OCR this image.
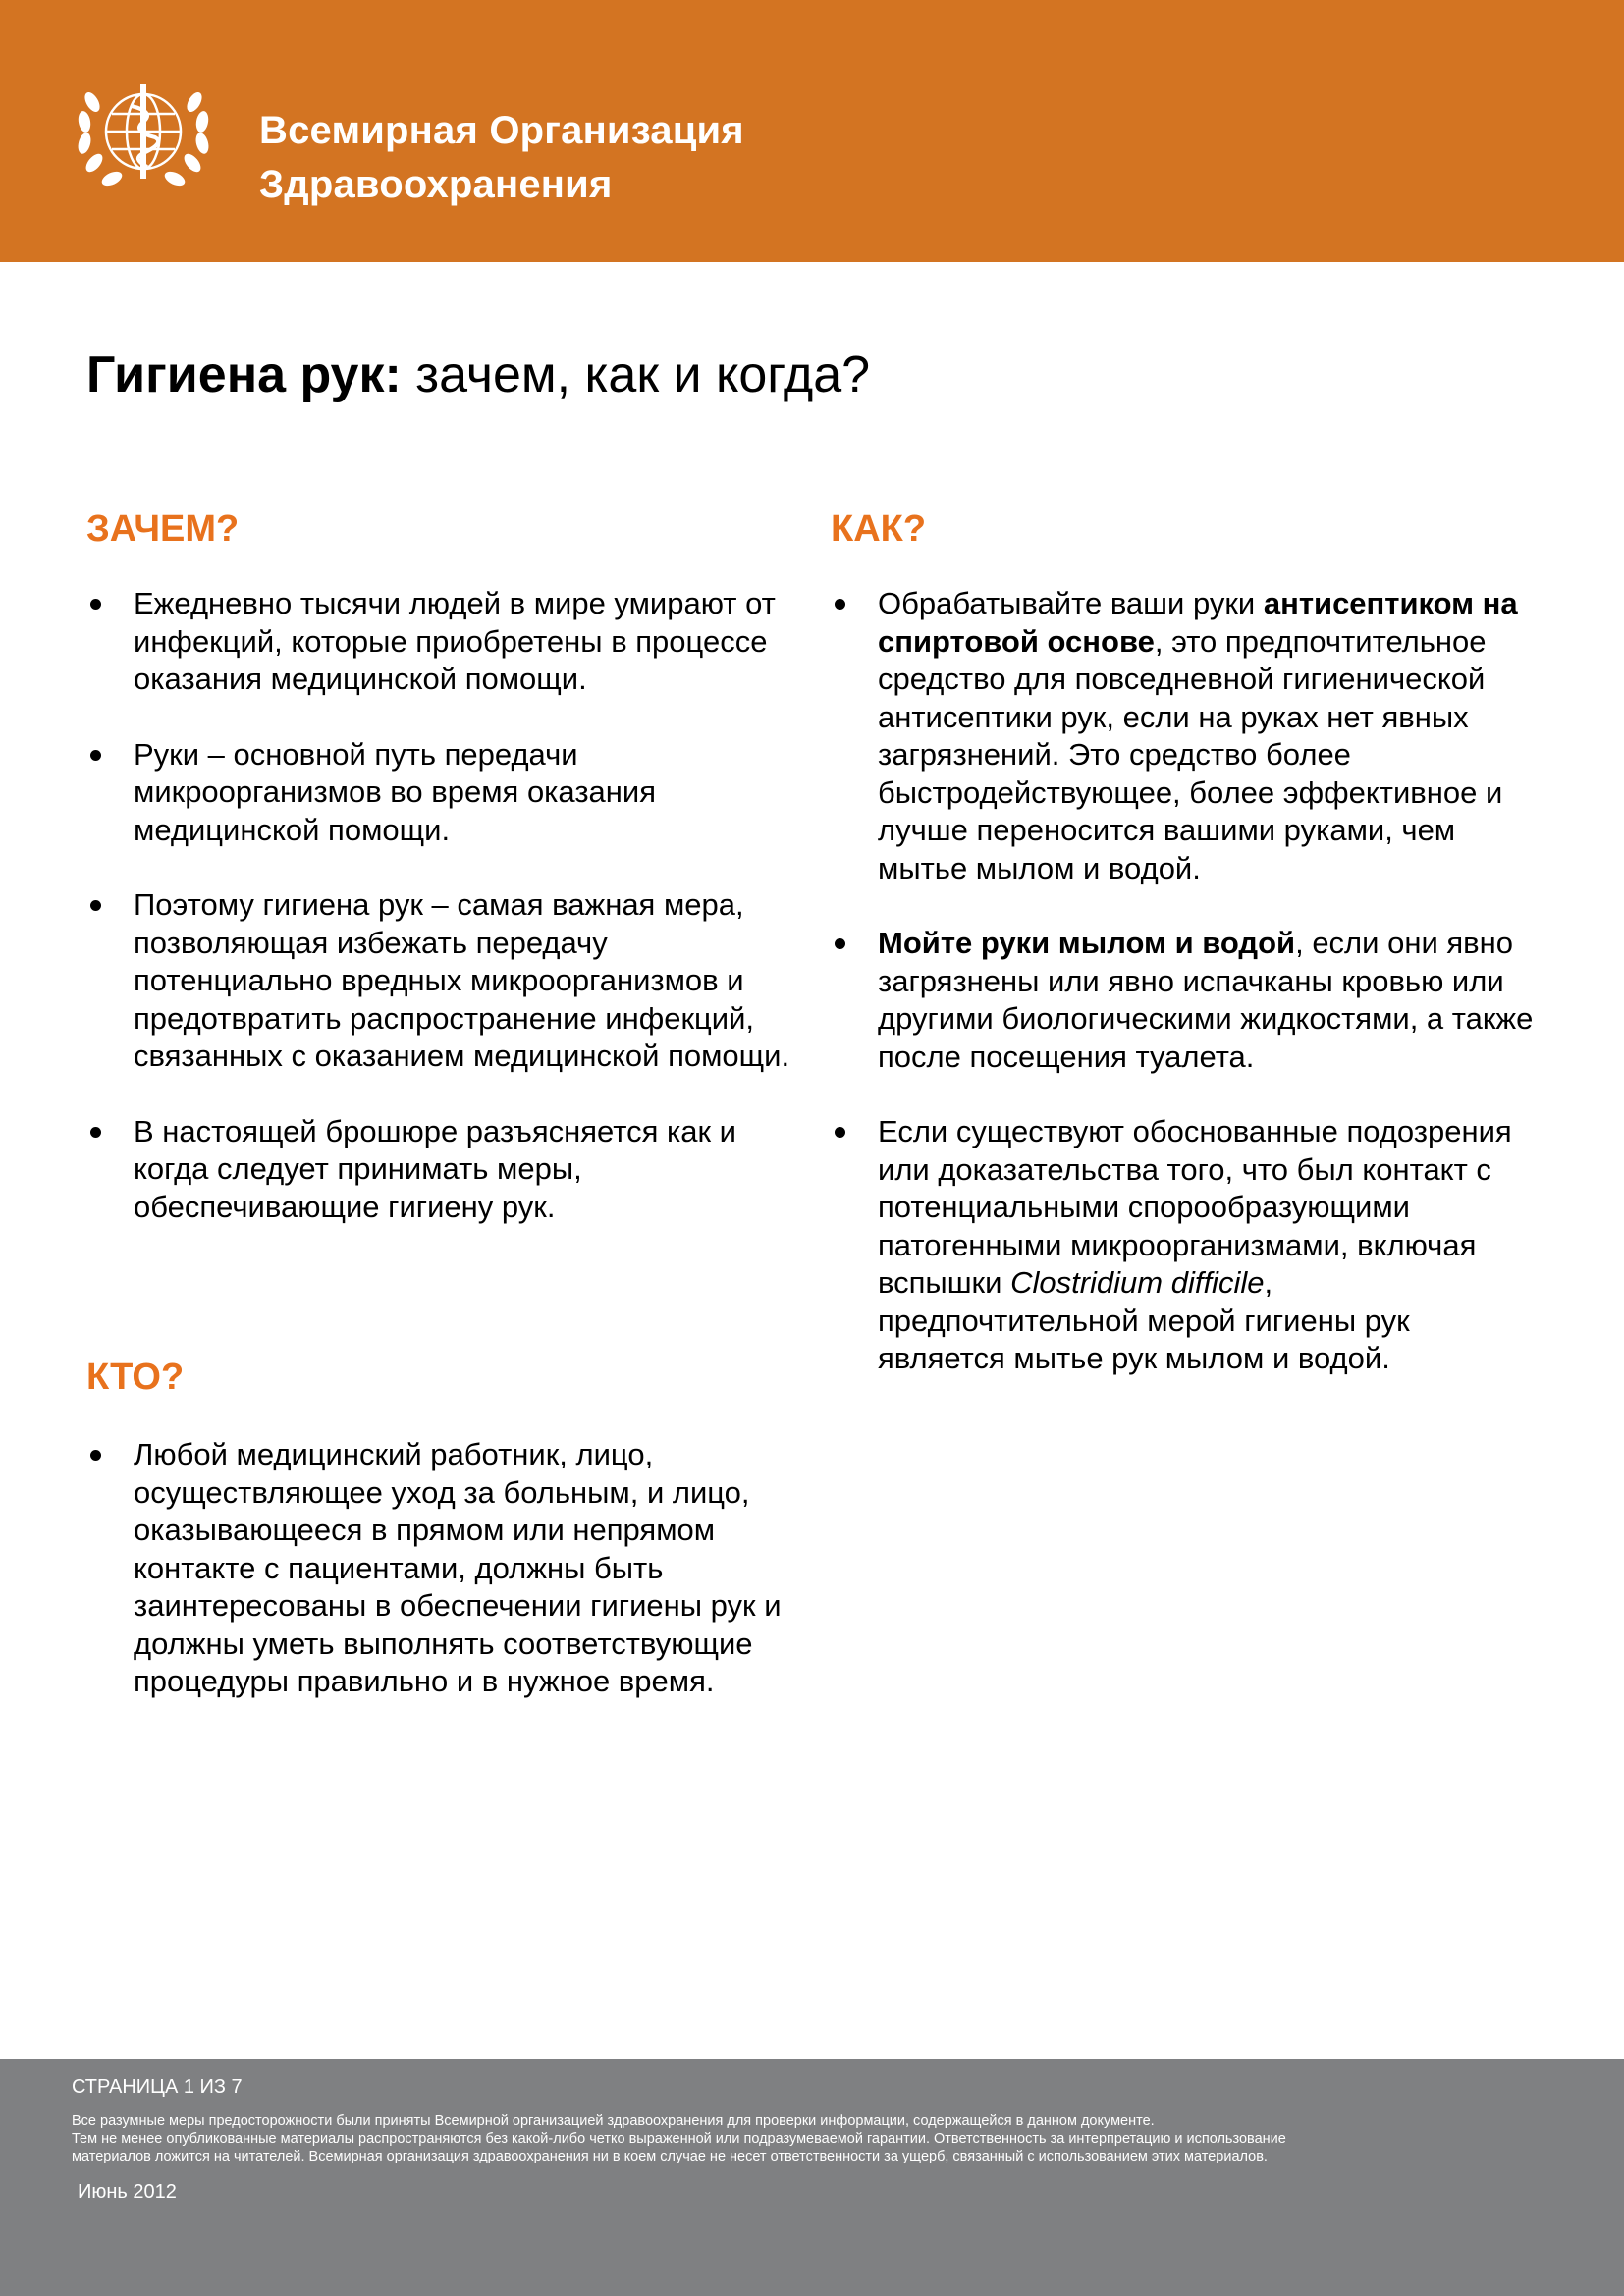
Всемирная Организация
Здравоохранения
Гигиена рук: зачем, как и когда?
ЗАЧЕМ?
Ежедневно тысячи людей в мире умирают от инфекций, которые приобретены в процессе оказания медицинской помощи.
Руки – основной путь передачи микроорганизмов во время оказания медицинской помощи.
Поэтому гигиена рук – самая важная мера, позволяющая избежать передачу потенциально вредных микроорганизмов и предотвратить распространение инфекций, связанных с оказанием медицинской помощи.
В настоящей брошюре разъясняется как и когда следует принимать меры, обеспечивающие гигиену рук.
КТО?
Любой медицинский работник, лицо, осуществляющее уход за больным, и лицо, оказывающееся в прямом или непрямом контакте с пациентами, должны быть заинтересованы в обеспечении гигиены рук и должны уметь выполнять соответствующие процедуры правильно и в нужное время.
КАК?
Обрабатывайте ваши руки антисептиком на спиртовой основе, это предпочтительное средство для повседневной гигиенической антисептики рук, если на руках нет явных загрязнений. Это средство более быстродействующее, более эффективное и лучше переносится вашими руками, чем мытье мылом и водой.
Мойте руки мылом и водой, если они явно загрязнены или явно испачканы кровью или другими биологическими жидкостями, а также после посещения туалета.
Если существуют обоснованные подозрения или доказательства того, что был контакт с потенциальными спорообразующими патогенными микроорганизмами, включая вспышки Clostridium difficile, предпочтительной мерой гигиены рук является мытье рук мылом и водой.
СТРАНИЦА 1 ИЗ 7
Все разумные меры предосторожности были приняты Всемирной организацией здравоохранения для проверки информации, содержащейся в данном документе.
Тем не менее опубликованные материалы распространяются без какой-либо четко выраженной или подразумеваемой гарантии. Ответственность за интерпретацию и использование
материалов ложится на читателей. Всемирная организация здравоохранения ни в коем случае не несет ответственности за ущерб, связанный с использованием этих материалов.
Июнь 2012
